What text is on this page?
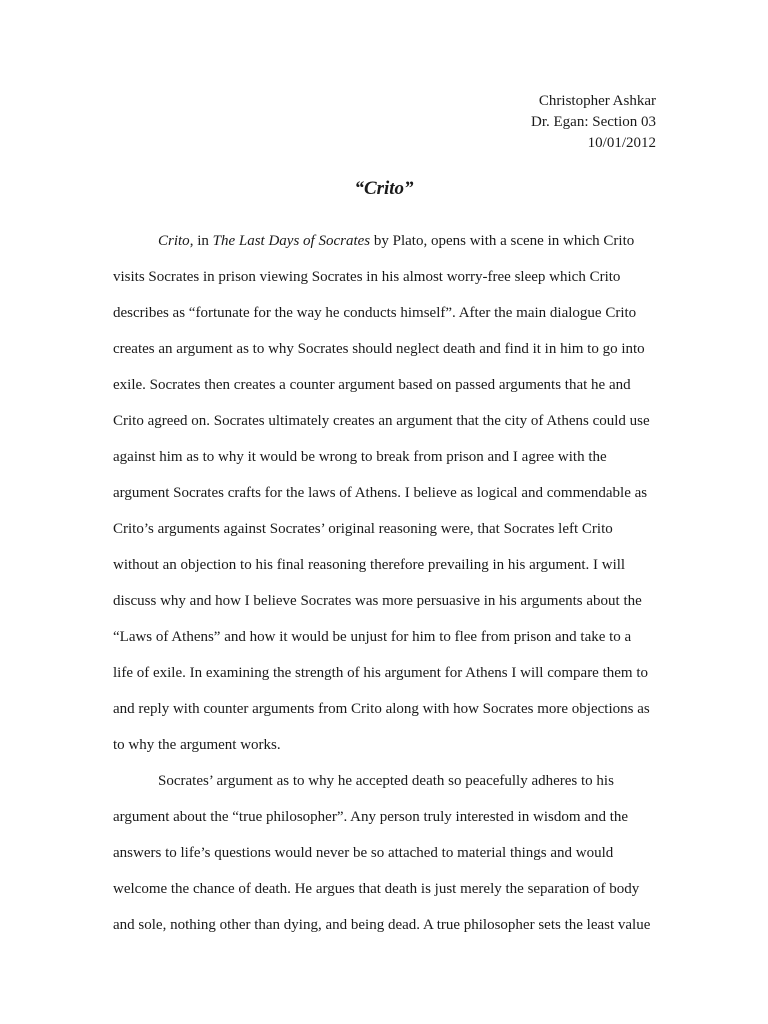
Christopher Ashkar
Dr. Egan: Section 03
10/01/2012
“Crito”

Crito, in The Last Days of Socrates by Plato, opens with a scene in which Crito
visits Socrates in prison viewing Socrates in his almost worry-free sleep which Crito
describes as “fortunate for the way he conducts himself”. After the main dialogue Crito
creates an argument as to why Socrates should neglect death and find it in him to go into
exile. Socrates then creates a counter argument based on passed arguments that he and
Crito agreed on. Socrates ultimately creates an argument that the city of Athens could use
against him as to why it would be wrong to break from prison and I agree with the
argument Socrates crafts for the laws of Athens. I believe as logical and commendable as
Crito’s arguments against Socrates’ original reasoning were, that Socrates left Crito
without an objection to his final reasoning therefore prevailing in his argument. I will
discuss why and how I believe Socrates was more persuasive in his arguments about the
“Laws of Athens” and how it would be unjust for him to flee from prison and take to a
life of exile. In examining the strength of his argument for Athens I will compare them to
and reply with counter arguments from Crito along with how Socrates more objections as
to why the argument works.

Socrates’ argument as to why he accepted death so peacefully adheres to his
argument about the “true philosopher”. Any person truly interested in wisdom and the
answers to life’s questions would never be so attached to material things and would
welcome the chance of death. He argues that death is just merely the separation of body
and sole, nothing other than dying, and being dead. A true philosopher sets the least value
